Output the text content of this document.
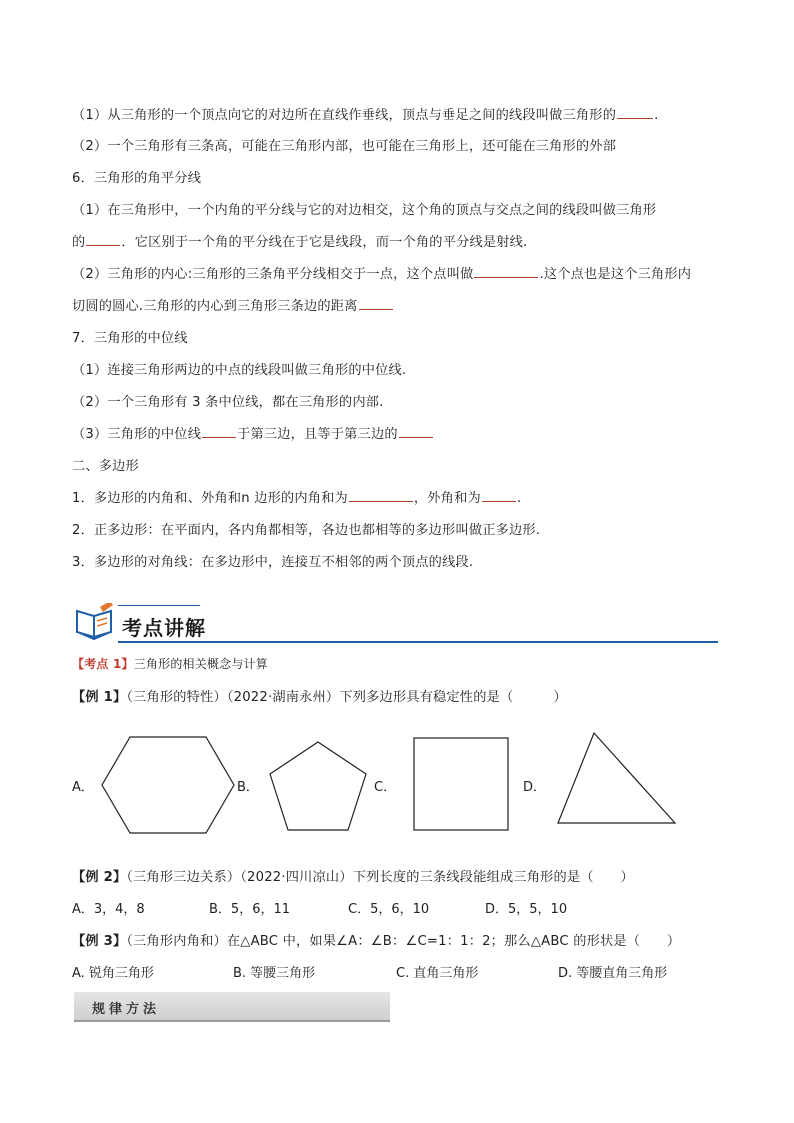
（1）从三角形的一个顶点向它的对边所在直线作垂线，顶点与垂足之间的线段叫做三角形的	.
（2）一个三角形有三条高，可能在三角形内部，也可能在三角形上，还可能在三角形的外部
6．三角形的角平分线
（1）在三角形中，一个内角的平分线与它的对边相交，这个角的顶点与交点之间的线段叫做三角形
的	．它区别于一个角的平分线在于它是线段，而一个角的平分线是射线.
（2）三角形的内心:三角形的三条角平分线相交于一点，这个点叫做	.这个点也是这个三角形内
切圆的圆心.三角形的内心到三角形三条边的距离
7．三角形的中位线
（1）连接三角形两边的中点的线段叫做三角形的中位线.
（2）一个三角形有 3 条中位线，都在三角形的内部.
（3）三角形的中位线	于第三边，且等于第三边的
二、多边形
1．多边形的内角和、外角和n 边形的内角和为	，外角和为	.
2．正多边形：在平面内，各内角都相等，各边也都相等的多边形叫做正多边形.
3．多边形的对角线：在多边形中，连接互不相邻的两个顶点的线段.
考点讲解
【考点 1】三角形的相关概念与计算
【例 1】（三角形的特性）（2022·湖南永州）下列多边形具有稳定性的是（　　　）
A．	B．	C．	D．
【例 2】（三角形三边关系）（2022·四川凉山）下列长度的三条线段能组成三角形的是（　　）
A．3，4，8	B．5，6，11	C．5，6，10	D．5，5，10
【例 3】（三角形内角和）在△ABC 中，如果∠A：∠B：∠C=1：1：2；那么△ABC 的形状是（　　）
A. 锐角三角形	B. 等腰三角形	C. 直角三角形	D. 等腰直角三角形
规律方法
